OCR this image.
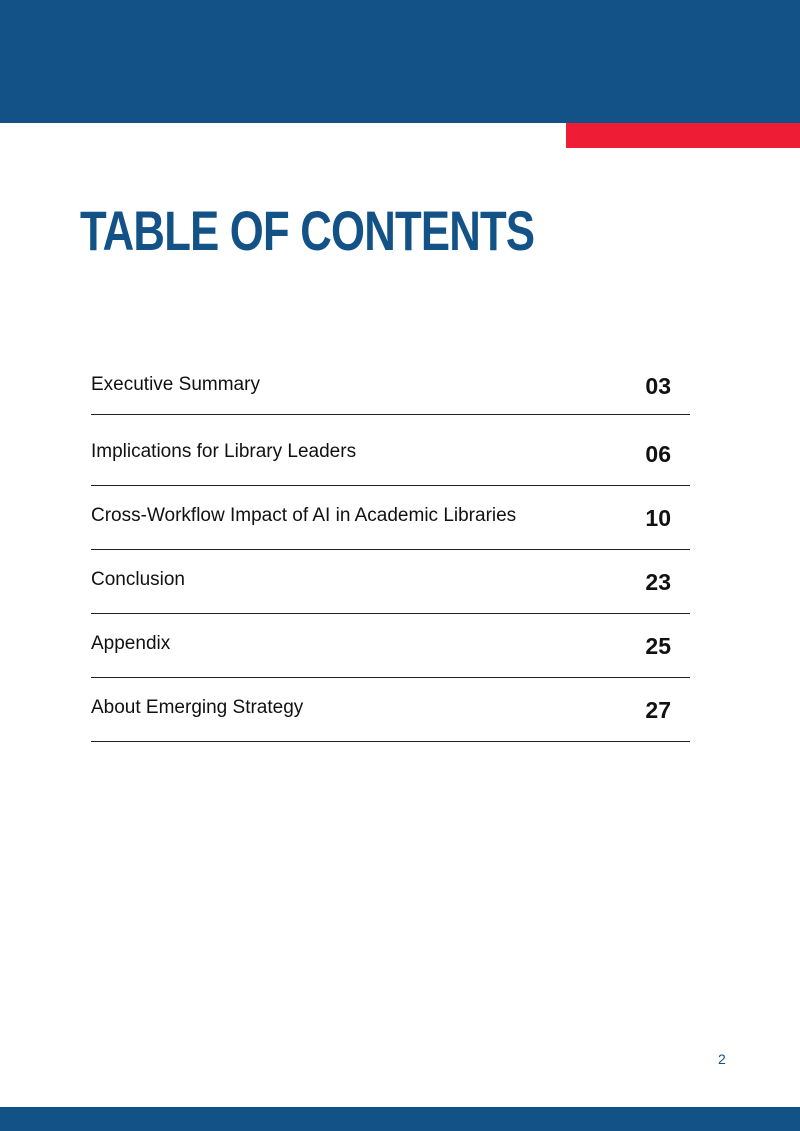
TABLE OF CONTENTS
Executive Summary	03
Implications for Library Leaders	06
Cross-Workflow Impact of AI in Academic Libraries	10
Conclusion	23
Appendix	25
About Emerging Strategy	27
2
